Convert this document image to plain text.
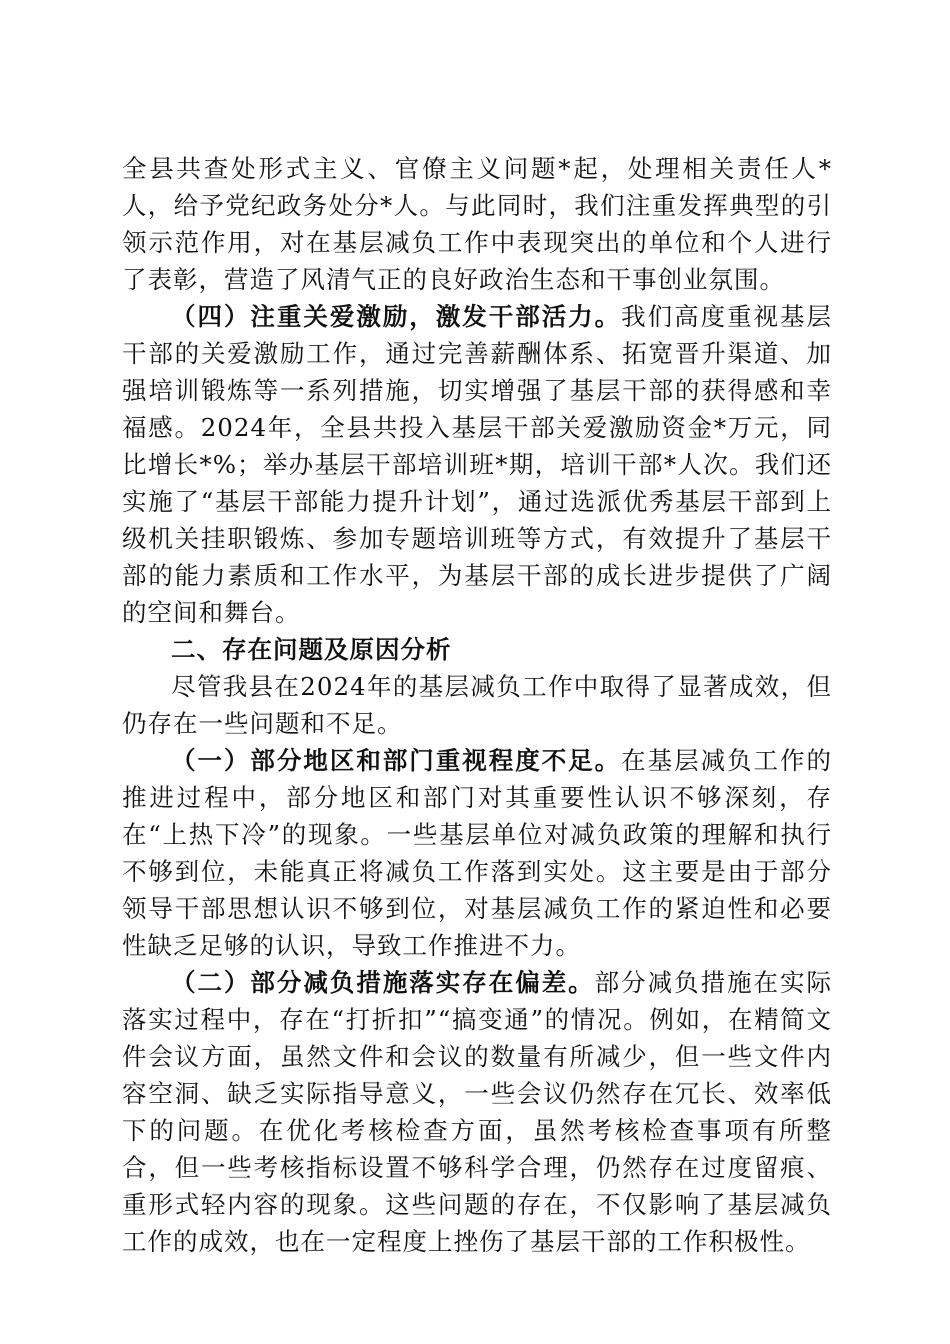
全县共查处形式主义、官僚主义问题*起，处理相关责任人*人，给予党纪政务处分*人。与此同时，我们注重发挥典型的引领示范作用，对在基层减负工作中表现突出的单位和个人进行了表彰，营造了风清气正的良好政治生态和干事创业氛围。

（四）注重关爱激励，激发干部活力。我们高度重视基层干部的关爱激励工作，通过完善薪酬体系、拓宽晋升渠道、加强培训锻炼等一系列措施，切实增强了基层干部的获得感和幸福感。2024年，全县共投入基层干部关爱激励资金*万元，同比增长*%；举办基层干部培训班*期，培训干部*人次。我们还实施了“基层干部能力提升计划”，通过选派优秀基层干部到上级机关挂职锻炼、参加专题培训班等方式，有效提升了基层干部的能力素质和工作水平，为基层干部的成长进步提供了广阔的空间和舞台。

二、存在问题及原因分析

尽管我县在2024年的基层减负工作中取得了显著成效，但仍存在一些问题和不足。

（一）部分地区和部门重视程度不足。在基层减负工作的推进过程中，部分地区和部门对其重要性认识不够深刻，存在“上热下冷”的现象。一些基层单位对减负政策的理解和执行不够到位，未能真正将减负工作落到实处。这主要是由于部分领导干部思想认识不够到位，对基层减负工作的紧迫性和必要性缺乏足够的认识，导致工作推进不力。

（二）部分减负措施落实存在偏差。部分减负措施在实际落实过程中，存在“打折扣”“搞变通”的情况。例如，在精简文件会议方面，虽然文件和会议的数量有所减少，但一些文件内容空洞、缺乏实际指导意义，一些会议仍然存在冗长、效率低下的问题。在优化考核检查方面，虽然考核检查事项有所整合，但一些考核指标设置不够科学合理，仍然存在过度留痕、重形式轻内容的现象。这些问题的存在，不仅影响了基层减负工作的成效，也在一定程度上挫伤了基层干部的工作积极性。
